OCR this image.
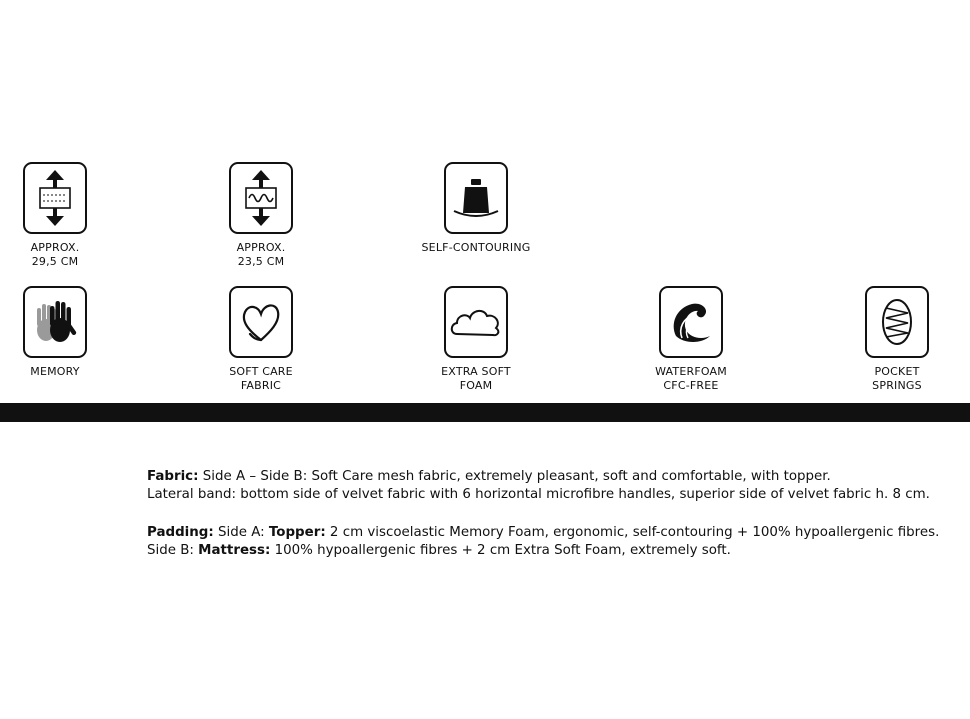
APPROX.
29,5 CM
APPROX.
23,5 CM
SELF-CONTOURING
MEMORY	SOFT CARE
FABRIC
EXTRA SOFT
FOAM
WATERFOAM
CFC-FREE
POCKET
SPRINGS

Fabric: Side A – Side B: Soft Care mesh fabric, extremely pleasant, soft and comfortable, with topper.
Lateral band: bottom side of velvet fabric with 6 horizontal microfibre handles, superior side of velvet fabric h. 8 cm.

Padding: Side A: Topper: 2 cm viscoelastic Memory Foam, ergonomic, self-contouring + 100% hypoallergenic fibres. Side B: Mattress: 100% hypoallergenic fibres + 2 cm Extra Soft Foam, extremely soft.
